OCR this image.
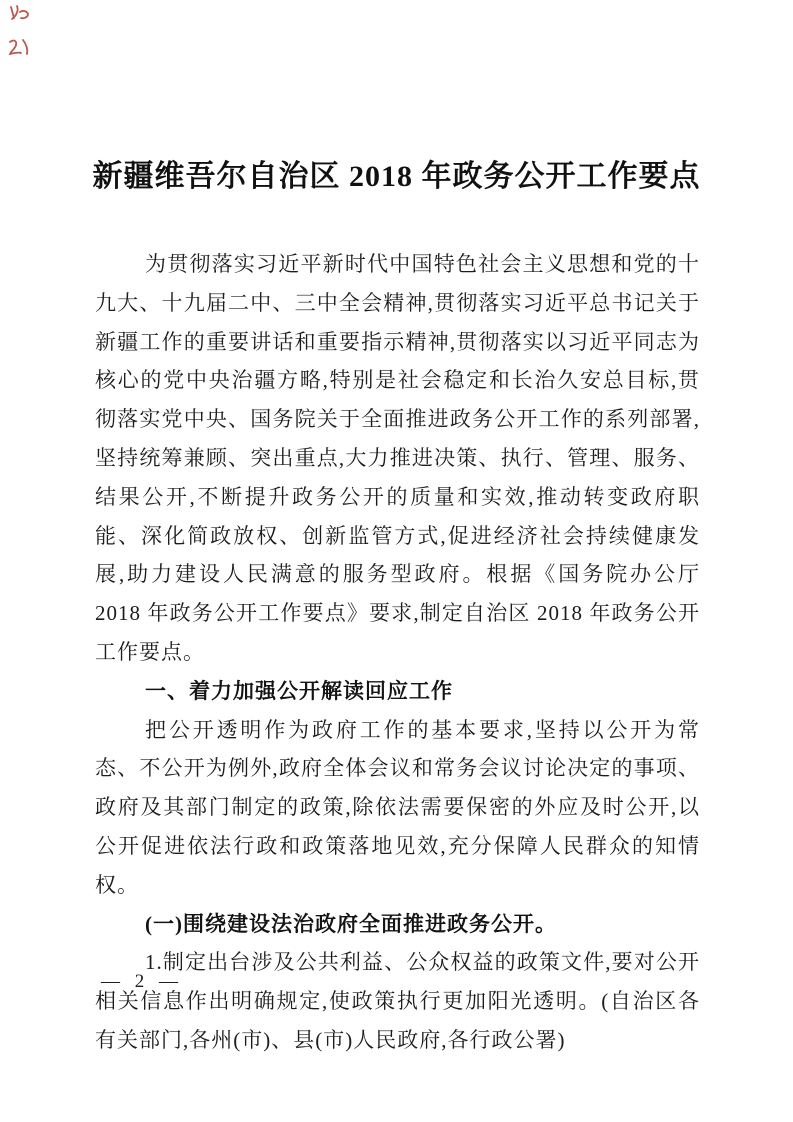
新疆维吾尔自治区 2018 年政务公开工作要点

为贯彻落实习近平新时代中国特色社会主义思想和党的十九大、十九届二中、三中全会精神,贯彻落实习近平总书记关于新疆工作的重要讲话和重要指示精神,贯彻落实以习近平同志为核心的党中央治疆方略,特别是社会稳定和长治久安总目标,贯彻落实党中央、国务院关于全面推进政务公开工作的系列部署,坚持统筹兼顾、突出重点,大力推进决策、执行、管理、服务、结果公开,不断提升政务公开的质量和实效,推动转变政府职能、深化简政放权、创新监管方式,促进经济社会持续健康发展,助力建设人民满意的服务型政府。根据《国务院办公厅 2018 年政务公开工作要点》要求,制定自治区 2018 年政务公开工作要点。

一、着力加强公开解读回应工作

把公开透明作为政府工作的基本要求,坚持以公开为常态、不公开为例外,政府全体会议和常务会议讨论决定的事项、政府及其部门制定的政策,除依法需要保密的外应及时公开,以公开促进依法行政和政策落地见效,充分保障人民群众的知情权。

(一)围绕建设法治政府全面推进政务公开。

1.制定出台涉及公共利益、公众权益的政策文件,要对公开相关信息作出明确规定,使政策执行更加阳光透明。(自治区各有关部门,各州(市)、县(市)人民政府,各行政公署)

— 2 —
